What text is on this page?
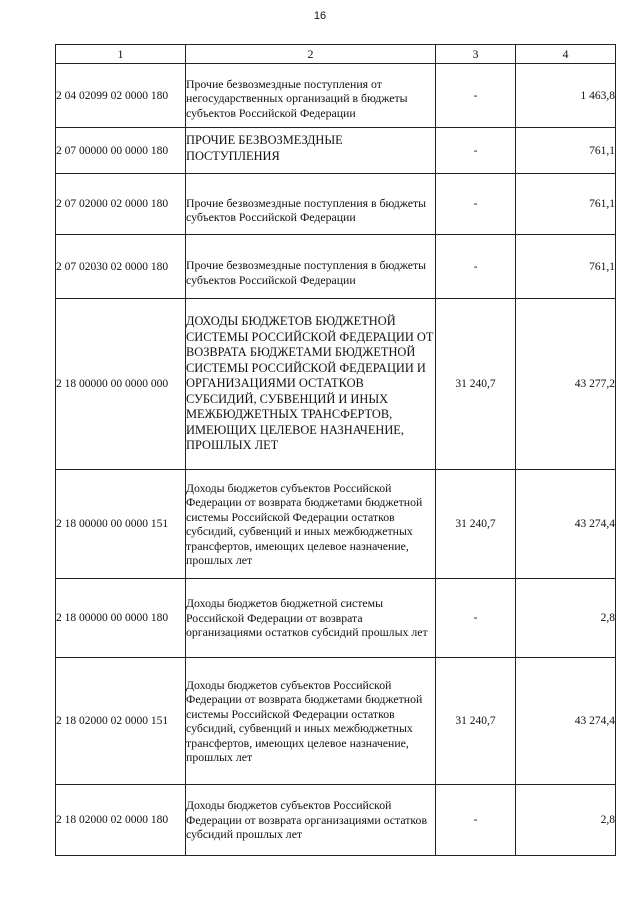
16
1	2	3	4
2 04 02099 02 0000 180	Прочие безвозмездные поступления от негосударственных организаций в бюджеты субъектов Российской Федерации	-	1 463,8
2 07 00000 00 0000 180	ПРОЧИЕ БЕЗВОЗМЕЗДНЫЕ ПОСТУПЛЕНИЯ	-	761,1
2 07 02000 02 0000 180	Прочие безвозмездные поступления в бюджеты субъектов Российской Федерации	-	761,1
2 07 02030 02 0000 180	Прочие безвозмездные поступления в бюджеты субъектов Российской Федерации	-	761,1
2 18 00000 00 0000 000	ДОХОДЫ БЮДЖЕТОВ БЮДЖЕТНОЙ СИСТЕМЫ РОССИЙСКОЙ ФЕДЕРАЦИИ ОТ ВОЗВРАТА БЮДЖЕТАМИ БЮДЖЕТНОЙ СИСТЕМЫ РОССИЙСКОЙ ФЕДЕРАЦИИ И ОРГАНИЗАЦИЯМИ ОСТАТКОВ СУБСИДИЙ, СУБВЕНЦИЙ И ИНЫХ МЕЖБЮДЖЕТНЫХ ТРАНСФЕРТОВ, ИМЕЮЩИХ ЦЕЛЕВОЕ НАЗНАЧЕНИЕ, ПРОШЛЫХ ЛЕТ	31 240,7	43 277,2
2 18 00000 00 0000 151	Доходы бюджетов субъектов Российской Федерации от возврата бюджетами бюджетной системы Российской Федерации остатков субсидий, субвенций и иных межбюджетных трансфертов, имеющих целевое назначение, прошлых лет	31 240,7	43 274,4
2 18 00000 00 0000 180	Доходы бюджетов бюджетной системы Российской Федерации от возврата организациями остатков субсидий прошлых лет	-	2,8
2 18 02000 02 0000 151	Доходы бюджетов субъектов Российской Федерации от возврата бюджетами бюджетной системы Российской Федерации остатков субсидий, субвенций и иных межбюджетных трансфертов, имеющих целевое назначение, прошлых лет	31 240,7	43 274,4
2 18 02000 02 0000 180	Доходы бюджетов субъектов Российской Федерации от возврата организациями остатков субсидий прошлых лет	-	2,8
